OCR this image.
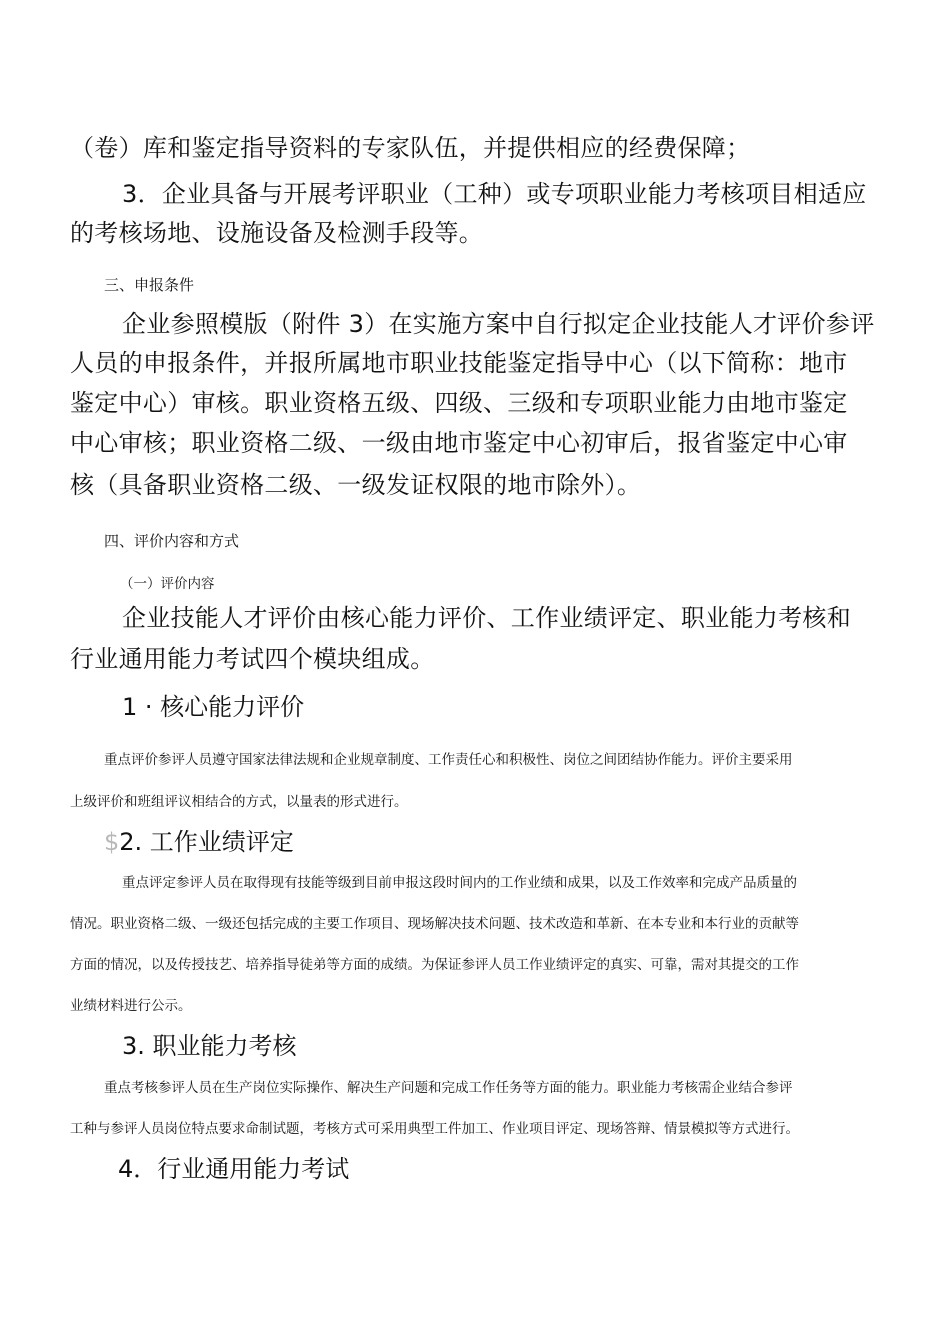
（卷）库和鉴定指导资料的专家队伍，并提供相应的经费保障；

3．企业具备与开展考评职业（工种）或专项职业能力考核项目相适应

的考核场地、设施设备及检测手段等。

三、申报条件

企业参照模版（附件 3）在实施方案中自行拟定企业技能人才评价参评

人员的申报条件，并报所属地市职业技能鉴定指导中心（以下简称：地市

鉴定中心）审核。职业资格五级、四级、三级和专项职业能力由地市鉴定

中心审核；职业资格二级、一级由地市鉴定中心初审后，报省鉴定中心审

核（具备职业资格二级、一级发证权限的地市除外）。

四、评价内容和方式

（一）评价内容

企业技能人才评价由核心能力评价、工作业绩评定、职业能力考核和

行业通用能力考试四个模块组成。

1 · 核心能力评价

重点评价参评人员遵守国家法律法规和企业规章制度、工作责任心和积极性、岗位之间团结协作能力。评价主要采用

上级评价和班组评议相结合的方式，以量表的形式进行。

$2. 工作业绩评定

重点评定参评人员在取得现有技能等级到目前申报这段时间内的工作业绩和成果，以及工作效率和完成产品质量的

情况。职业资格二级、一级还包括完成的主要工作项目、现场解决技术问题、技术改造和革新、在本专业和本行业的贡献等

方面的情况，以及传授技艺、培养指导徒弟等方面的成绩。为保证参评人员工作业绩评定的真实、可靠，需对其提交的工作

业绩材料进行公示。

3. 职业能力考核

重点考核参评人员在生产岗位实际操作、解决生产问题和完成工作任务等方面的能力。职业能力考核需企业结合参评

工种与参评人员岗位特点要求命制试题，考核方式可采用典型工件加工、作业项目评定、现场答辩、情景模拟等方式进行。

4．行业通用能力考试
